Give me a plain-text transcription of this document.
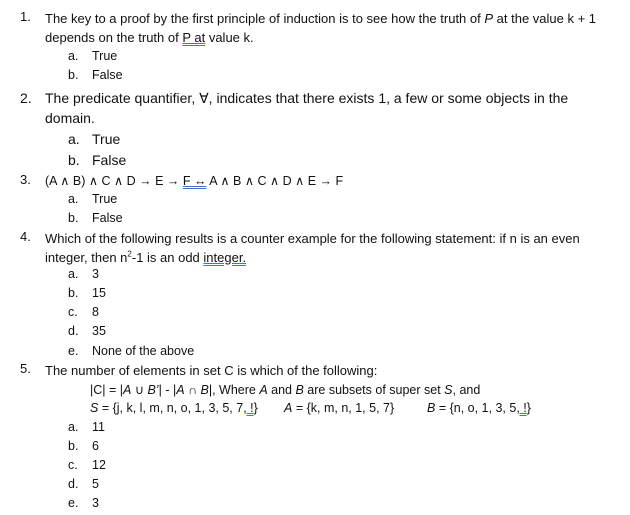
1. The key to a proof by the first principle of induction is to see how the truth of P at the value k + 1 depends on the truth of P at value k.
a. True
b. False
2. The predicate quantifier, ∀, indicates that there exists 1, a few or some objects in the domain.
a. True
b. False
3. (A ∧ B) ∧ C ∧ D → E → F ↔ A ∧ B ∧ C ∧ D ∧ E → F
a. True
b. False
4. Which of the following results is a counter example for the following statement: if n is an even integer, then $n^2-1$ is an odd integer.
a. 3
b. 15
c. 8
d. 35
e. None of the above
5. The number of elements in set C is which of the following:
|C| = |A ∪ B’| - |A ∩ B|, Where A and B are subsets of super set S, and
S = {j, k, l, m, n, o, 1, 3, 5, 7, !} A = {k, m, n, 1, 5, 7}	B = {n, o, 1, 3, 5, !}
a. 11
b. 6
c. 12
d. 5
e. 3
